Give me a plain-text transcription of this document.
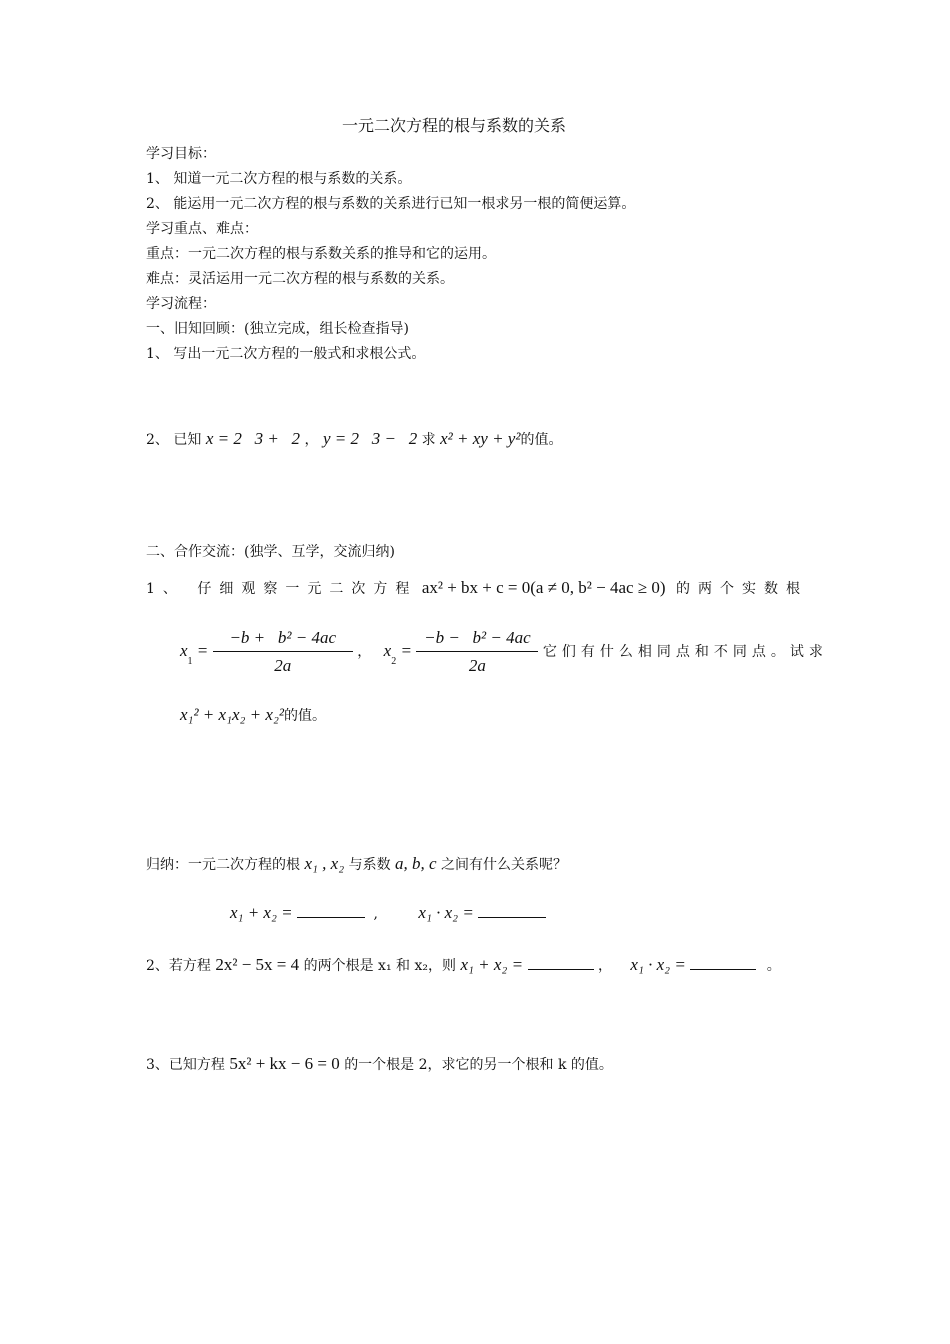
一元二次方程的根与系数的关系
学习目标：
1、 知道一元二次方程的根与系数的关系。
2、 能运用一元二次方程的根与系数的关系进行已知一根求另一根的简便运算。
学习重点、难点：
重点：一元二次方程的根与系数关系的推导和它的运用。
难点：灵活运用一元二次方程的根与系数的关系。
学习流程：
一、旧知回顾：(独立完成，组长检查指导)
1、 写出一元二次方程的一般式和求根公式。
2、 已知 x = 2   3 +   2 ， y = 2   3 −   2 求 x² + xy + y²的值。
二、合作交流：(独学、互学，交流归纳)
1、 仔细观察一元二次方程 ax² + bx + c = 0(a ≠ 0, b² − 4ac ≥ 0) 的两个实数根
$x_1 = \frac{\text{−b +   b² − 4ac}}{2a}$ ， $x_2 = \frac{\text{−b −   b² − 4ac}}{2a}$ 它们有什么相同点和不同点。试求
x₁² + x₁x₂ + x₂²的值。
归纳：一元二次方程的根 x₁ , x₂ 与系数 a, b, c 之间有什么关系呢？
x₁ + x₂ =	, x₁ · x₂ =
2、若方程 2x² − 5x = 4 的两个根是 x₁ 和 x₂，则 x₁ + x₂ =	， x₁ · x₂ =	。
3、已知方程 5x² + kx − 6 = 0 的一个根是 2，求它的另一个根和 k 的值。
